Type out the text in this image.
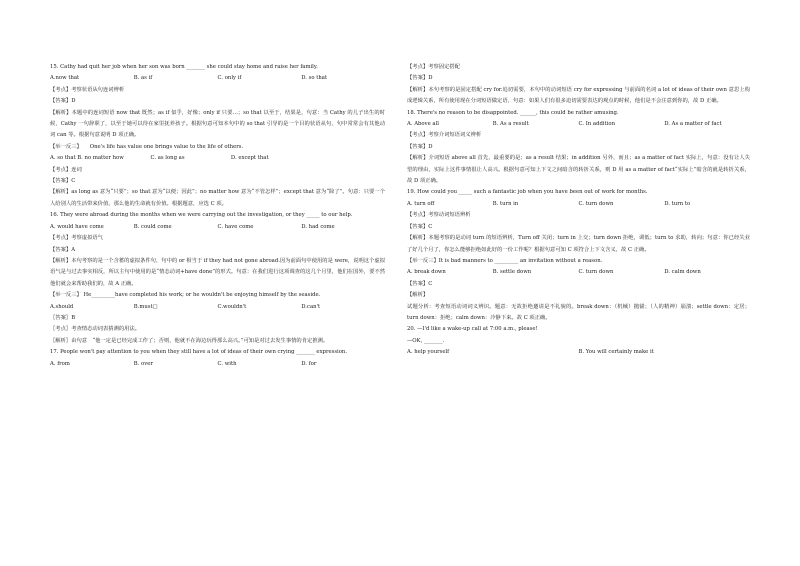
15. Cathy had quit her job when her son was born _______ she could stay home and raise her family.
A.now that	B. as if	C. only if	D. so that
【考点】考察状语从句连词辨析
【答案】D
【解析】本题中的连词短语 now that 既然；as if 似乎，好像；only if 只要…；so that 以至于，结果是，句意：当 Cathy 的儿子出生的时候，Cathy 一句辞职了，以至于她可以待在家里抚养孩子。根据句意可知本句中的 so that 引导的是一个目的状语从句，句中常常会有其他动词 can 等。根据句意说明 D 项正确。
【举一反三】　　One's life has value one brings value to the life of others.
A. so that B. no matter how	C. as long as	D. except that
【考点】连词
【答案】C
【解析】as long as 意为“只要”；so that 意为“以便；因此”；no matter how 意为“不管怎样”；except that 意为“除了”。句意：只要一个人给别人的生活带来价值，那么他的生命就有价值。根据题意，应选 C 项。
16. They were abroad during the months when we were carrying out the investigation, or they _____ to our help.
A. would have come	B. could come	C. have come	D. had come
【考点】考察虚拟语气
【答案】A
【解析】本句考察的是一个含蓄的虚拟条件句，句中的 or 相当于 if they had not gone abroad.因为前面句中使用的是 were，说明这个虚拟语气是与过去事实相反，所以主句中使用的是“情态动词+have done”的形式。句意：在我们进行这项调查的这几个月里，他们在国外，要不然他们就会来帮助我们的，故 A 正确。
【举一反三】 He_________have completed his work; or he wouldn't be enjoying himself by the seaside.
A.should	B.must□	C.wouldn't	D.can't
〖答案〗B
〖考点〗考查情态动词表猜测的用法。
〖解析〗由句意　“他一定是已经完成工作了；否则，他就不在海边玩得那么高兴。”可知是对过去发生事情的肯定推测。
17. People won't pay attention to you when they still have a lot of ideas of their own crying _______ expression.
A. from	B. over	C. with	D. for
【考点】考察固定搭配
【答案】D
【解析】本句考察的是固定搭配 cry for.追切需要，本句中的动词短语 cry for expressing 与前面的名词 a lot of ideas of their own 意思上构成逻辑关系，所有使用现在分词短语做定语，句意：如果人们有很多迫切需要表达的观点的时候，他们是不会注意到你的，故 D 正确。
18. There's no reason to be disappointed. ______, this could be rather amusing.
A. Above all	B. As a result	C. In addition	D. As a matter of fact
【考点】考察介词短语词义辨析
【答案】D
【解析】介词短语 above all 首先，最重要的是；as a result 结果；in addition 另外，而且；as a matter of fact 实际上，句意：没有让人失望的理由，实际上这件事情很让人高兴。根据句意可知上下文之间暗含的转折关系，则 D 用 as a matter of fact“实际上”暗含的就是转折关系，故 D 项正确。
19. How could you _____ such a fantastic job when you have been out of work for months.
A. turn off	B. turn in	C. turn down	D. turn to
【考点】考察动词短语辨析
【答案】C
【解析】本题考察的是动词 turn 的短语辨析，Turn off 关闭；turn in 上交；turn down 拒绝，调低；turn to 求助，转向；句意：你已经失业了好几个月了，你怎么能够拒绝如此好的一份工作呢？根据句意可知 C 项符合上下文含义，故 C 正确。
【举一反三】It is bad manners to _________ an invitation without a reason.
A. break down	B. settle down	C. turn down	D. calm down
【答案】C
【解析】
试题分析：考查短语动词词义辨识。题意：无故拒绝邀请是不礼貌的。break down：（机械）抛锚；（人的精神）崩溃；settle down：定居；turn down：拒绝；calm down：冷静下来。故 C 项正确。
20. —I'd like a wake-up call at 7:00 a.m., please!
—OK, _______.
A. help yourself	B. You will certainly make it
